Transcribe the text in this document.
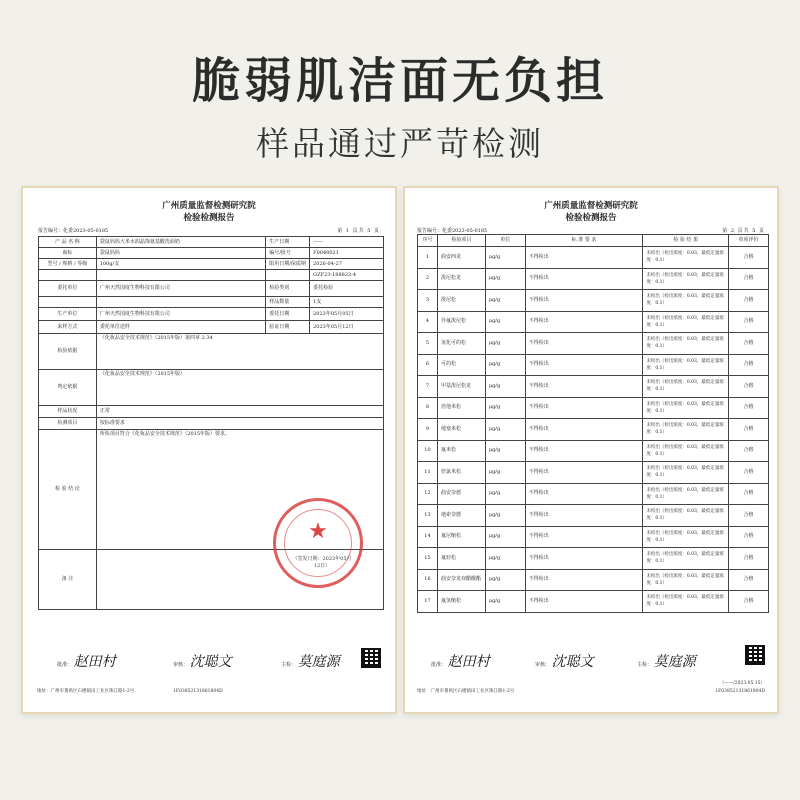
脆弱肌洁面无负担
样品通过严苛检测
广州质量监督检测研究院
检验检测报告
报告编号：化委2023-05-0185	第 1 页共 5 页
产 品 名 称	袋鼠妈妈大米水润晶饰氨基酸洗面奶	生产日期	——
商标	袋鼠妈妈	编号/批号	F0048021
型号 / 规格 / 等级	100g/支	限用日期/保质期	2026-04-27
			GZF23-188823-4
委托单位	广州天然国度生物科技有限公司	检验类别	委托检验
		样品数量	1支
生产单位	广州天然国度生物科技有限公司	委托日期	2023年05月05日
来样方式	委托单位送样	验证日期	2023年05月12日
检验依据	《化妆品安全技术规范》（2015年版）第四章 2.34		
判定依据	《化妆品安全技术规范》（2015年版）		
样品状况	正常		
检测项目	按标准要求		
检 验 结 论	所检项目符合《化妆品安全技术规范》（2015年版）要求。		
备 注			
★
（签发日期：2023年05月12日）
批准： 赵田村	审核： 沈聪文	主检： 莫庭源
地址：广州市番禺区石楼镇田工业区珠江路1-2号	1F03852131861804D
广州质量监督检测研究院
检验检测报告
报告编号：化委2023-05-0185	第 2 页共 5 页
序号	检验项目	单位	标 准 要 求	检 验 结 果	单项评价
1	曲安西龙	μg/g	不得检出	未检出（检出浓度：0.03，最低定量浓度：0.1）	合格
2	泼尼松龙	μg/g	不得检出	未检出（检出浓度：0.03，最低定量浓度：0.1）	合格
3	泼尼松	μg/g	不得检出	未检出（检出浓度：0.03，最低定量浓度：0.1）	合格
4	异氟泼尼松	μg/g	不得检出	未检出（检出浓度：0.03，最低定量浓度：0.1）	合格
5	氢化可的松	μg/g	不得检出	未检出（检出浓度：0.03，最低定量浓度：0.1）	合格
6	可的松	μg/g	不得检出	未检出（检出浓度：0.03，最低定量浓度：0.1）	合格
7	甲基泼尼松龙	μg/g	不得检出	未检出（检出浓度：0.03，最低定量浓度：0.1）	合格
8	倍他米松	μg/g	不得检出	未检出（检出浓度：0.03，最低定量浓度：0.1）	合格
9	地塞米松	μg/g	不得检出	未检出（检出浓度：0.03，最低定量浓度：0.1）	合格
10	氟米松	μg/g	不得检出	未检出（检出浓度：0.03，最低定量浓度：0.1）	合格
11	倍氯米松	μg/g	不得检出	未检出（检出浓度：0.03，最低定量浓度：0.1）	合格
12	曲安奈德	μg/g	不得检出	未检出（检出浓度：0.03，最低定量浓度：0.1）	合格
13	地索奈德	μg/g	不得检出	未检出（检出浓度：0.03，最低定量浓度：0.1）	合格
14	氟尼缩松	μg/g	不得检出	未检出（检出浓度：0.03，最低定量浓度：0.1）	合格
15	氟轻松	μg/g	不得检出	未检出（检出浓度：0.03，最低定量浓度：0.1）	合格
16	曲安奈龙双醋酸酯	μg/g	不得检出	未检出（检出浓度：0.03，最低定量浓度：0.1）	合格
17	氟氢缩松	μg/g	不得检出	未检出（检出浓度：0.03，最低定量浓度：0.1）	合格
批准： 赵田村	审核： 沈聪文	主检： 莫庭源
（——/2023.05.15）
地址：广州市番禺区石楼镇田工业区珠江路1-2号	1F03852131861804D
